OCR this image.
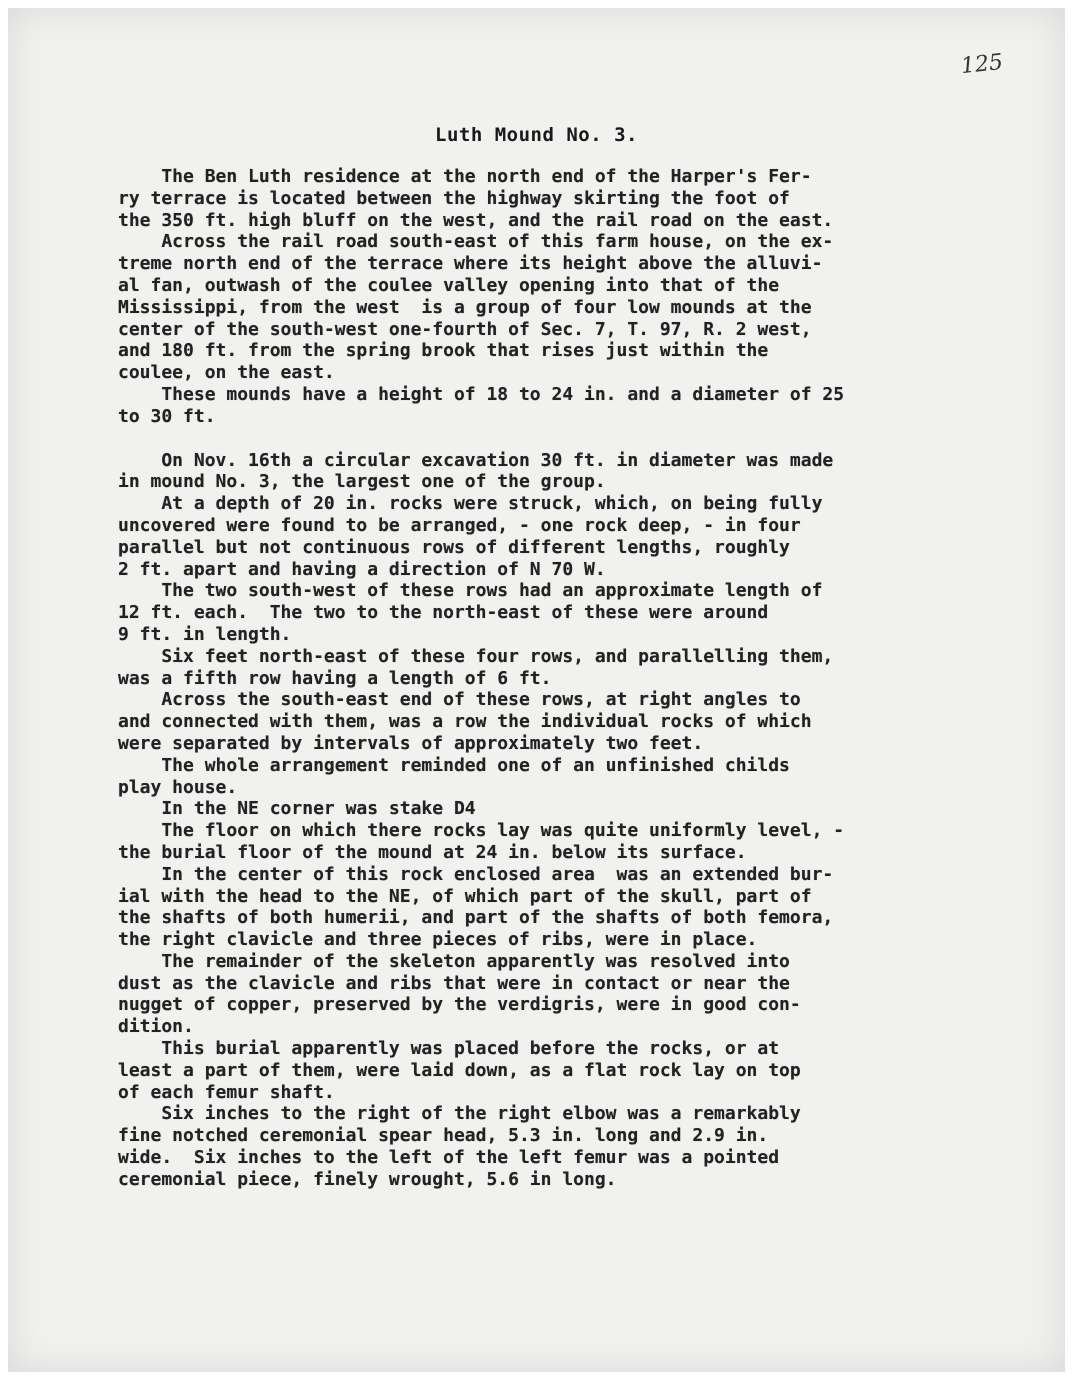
125
Luth Mound No. 3.
The Ben Luth residence at the north end of the Harper's Fer-
ry terrace is located between the highway skirting the foot of
the 350 ft. high bluff on the west, and the rail road on the east.
Across the rail road south-east of this farm house, on the ex-
treme north end of the terrace where its height above the alluvi-
al fan, outwash of the coulee valley opening into that of the
Mississippi, from the west  is a group of four low mounds at the
center of the south-west one-fourth of Sec. 7, T. 97, R. 2 west,
and 180 ft. from the spring brook that rises just within the
coulee, on the east.
These mounds have a height of 18 to 24 in. and a diameter of 25
to 30 ft.
On Nov. 16th a circular excavation 30 ft. in diameter was made
in mound No. 3, the largest one of the group.
At a depth of 20 in. rocks were struck, which, on being fully
uncovered were found to be arranged, - one rock deep, - in four
parallel but not continuous rows of different lengths, roughly
2 ft. apart and having a direction of N 70 W.
The two south-west of these rows had an approximate length of
12 ft. each.  The two to the north-east of these were around
9 ft. in length.
Six feet north-east of these four rows, and parallelling them,
was a fifth row having a length of 6 ft.
Across the south-east end of these rows, at right angles to
and connected with them, was a row the individual rocks of which
were separated by intervals of approximately two feet.
The whole arrangement reminded one of an unfinished childs
play house.
In the NE corner was stake D4
The floor on which there rocks lay was quite uniformly level, -
the burial floor of the mound at 24 in. below its surface.
In the center of this rock enclosed area  was an extended bur-
ial with the head to the NE, of which part of the skull, part of
the shafts of both humerii, and part of the shafts of both femora,
the right clavicle and three pieces of ribs, were in place.
The remainder of the skeleton apparently was resolved into
dust as the clavicle and ribs that were in contact or near the
nugget of copper, preserved by the verdigris, were in good con-
dition.
This burial apparently was placed before the rocks, or at
least a part of them, were laid down, as a flat rock lay on top
of each femur shaft.
Six inches to the right of the right elbow was a remarkably
fine notched ceremonial spear head, 5.3 in. long and 2.9 in.
wide.  Six inches to the left of the left femur was a pointed
ceremonial piece, finely wrought, 5.6 in long.
